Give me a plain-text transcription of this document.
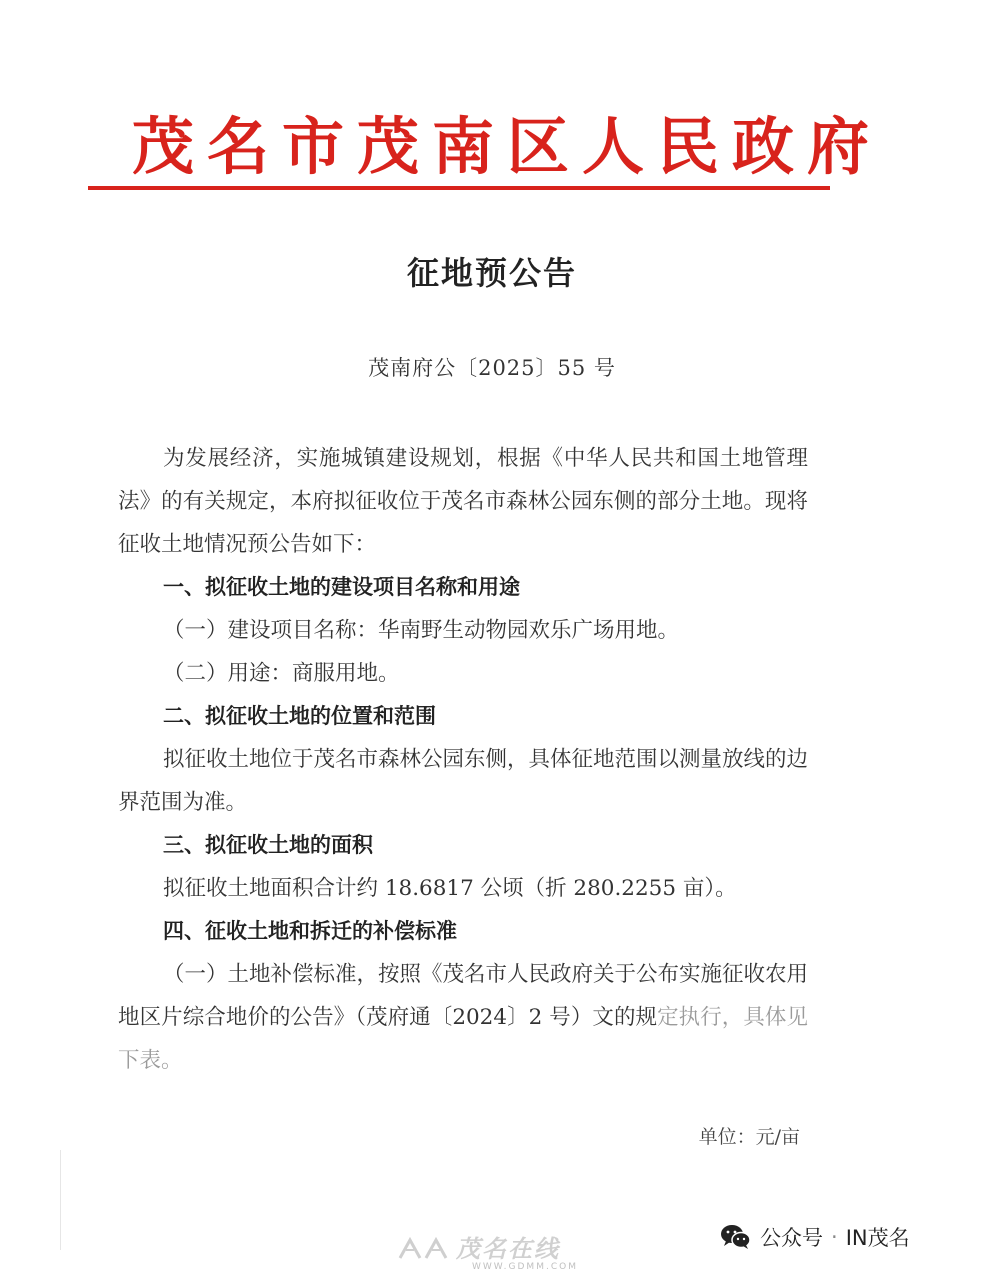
茂名市茂南区人民政府
征地预公告
茂南府公〔2025〕55 号

为发展经济，实施城镇建设规划，根据《中华人民共和国土地管理法》的有关规定，本府拟征收位于茂名市森林公园东侧的部分土地。现将征收土地情况预公告如下：

一、拟征收土地的建设项目名称和用途

（一）建设项目名称：华南野生动物园欢乐广场用地。

（二）用途：商服用地。

二、拟征收土地的位置和范围

拟征收土地位于茂名市森林公园东侧，具体征地范围以测量放线的边界范围为准。

三、拟征收土地的面积

拟征收土地面积合计约 18.6817 公顷（折 280.2255 亩）。

四、征收土地和拆迁的补偿标准

（一）土地补偿标准，按照《茂名市人民政府关于公布实施征收农用地区片综合地价的公告》（茂府通〔2024〕2 号）文的规定执行，具体见下表。

单位：元/亩
茂名在线
WWW.GDMM.COM
公众号 · IN茂名
